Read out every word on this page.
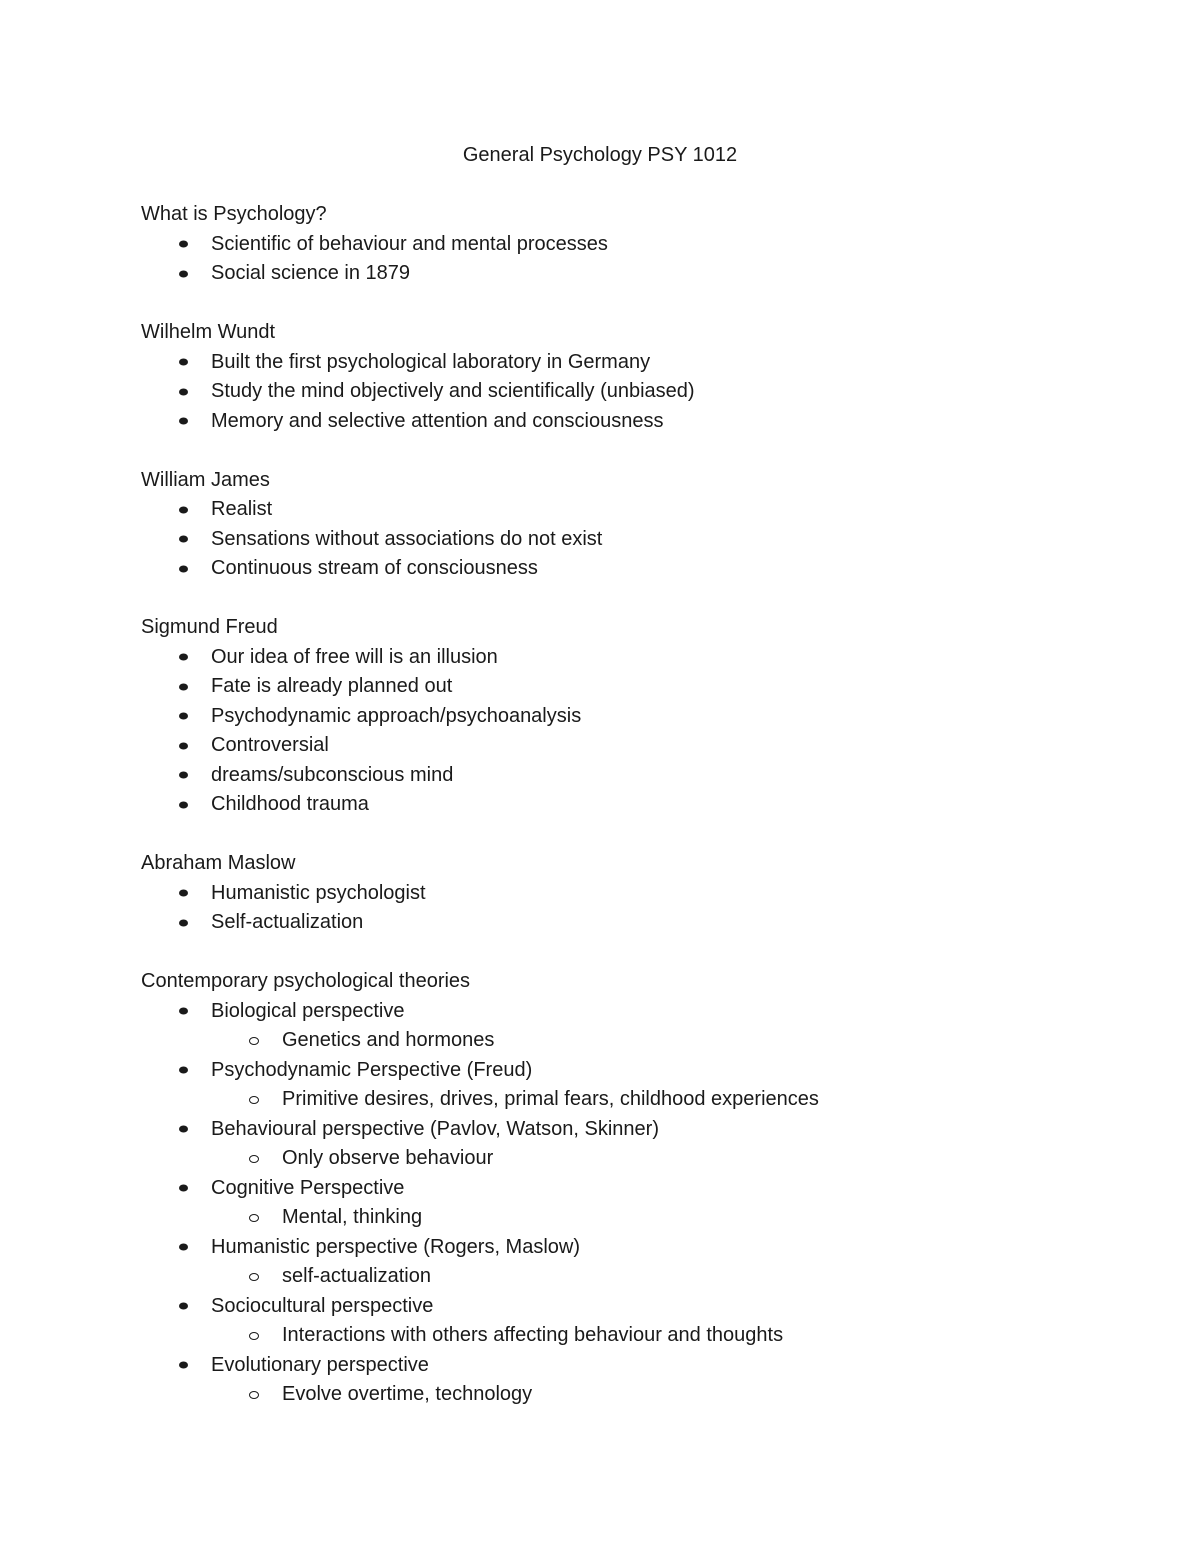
General Psychology PSY 1012
What is Psychology?
Scientific of behaviour and mental processes
Social science in 1879
Wilhelm Wundt
Built the first psychological laboratory in Germany
Study the mind objectively and scientifically (unbiased)
Memory and selective attention and consciousness
William James
Realist
Sensations without associations do not exist
Continuous stream of consciousness
Sigmund Freud
Our idea of free will is an illusion
Fate is already planned out
Psychodynamic approach/psychoanalysis
Controversial
dreams/subconscious mind
Childhood trauma
Abraham Maslow
Humanistic psychologist
Self-actualization
Contemporary psychological theories
Biological perspective
Genetics and hormones
Psychodynamic Perspective (Freud)
Primitive desires, drives, primal fears, childhood experiences
Behavioural perspective (Pavlov, Watson, Skinner)
Only observe behaviour
Cognitive Perspective
Mental, thinking
Humanistic perspective (Rogers, Maslow)
self-actualization
Sociocultural perspective
Interactions with others affecting behaviour and thoughts
Evolutionary perspective
Evolve overtime, technology
